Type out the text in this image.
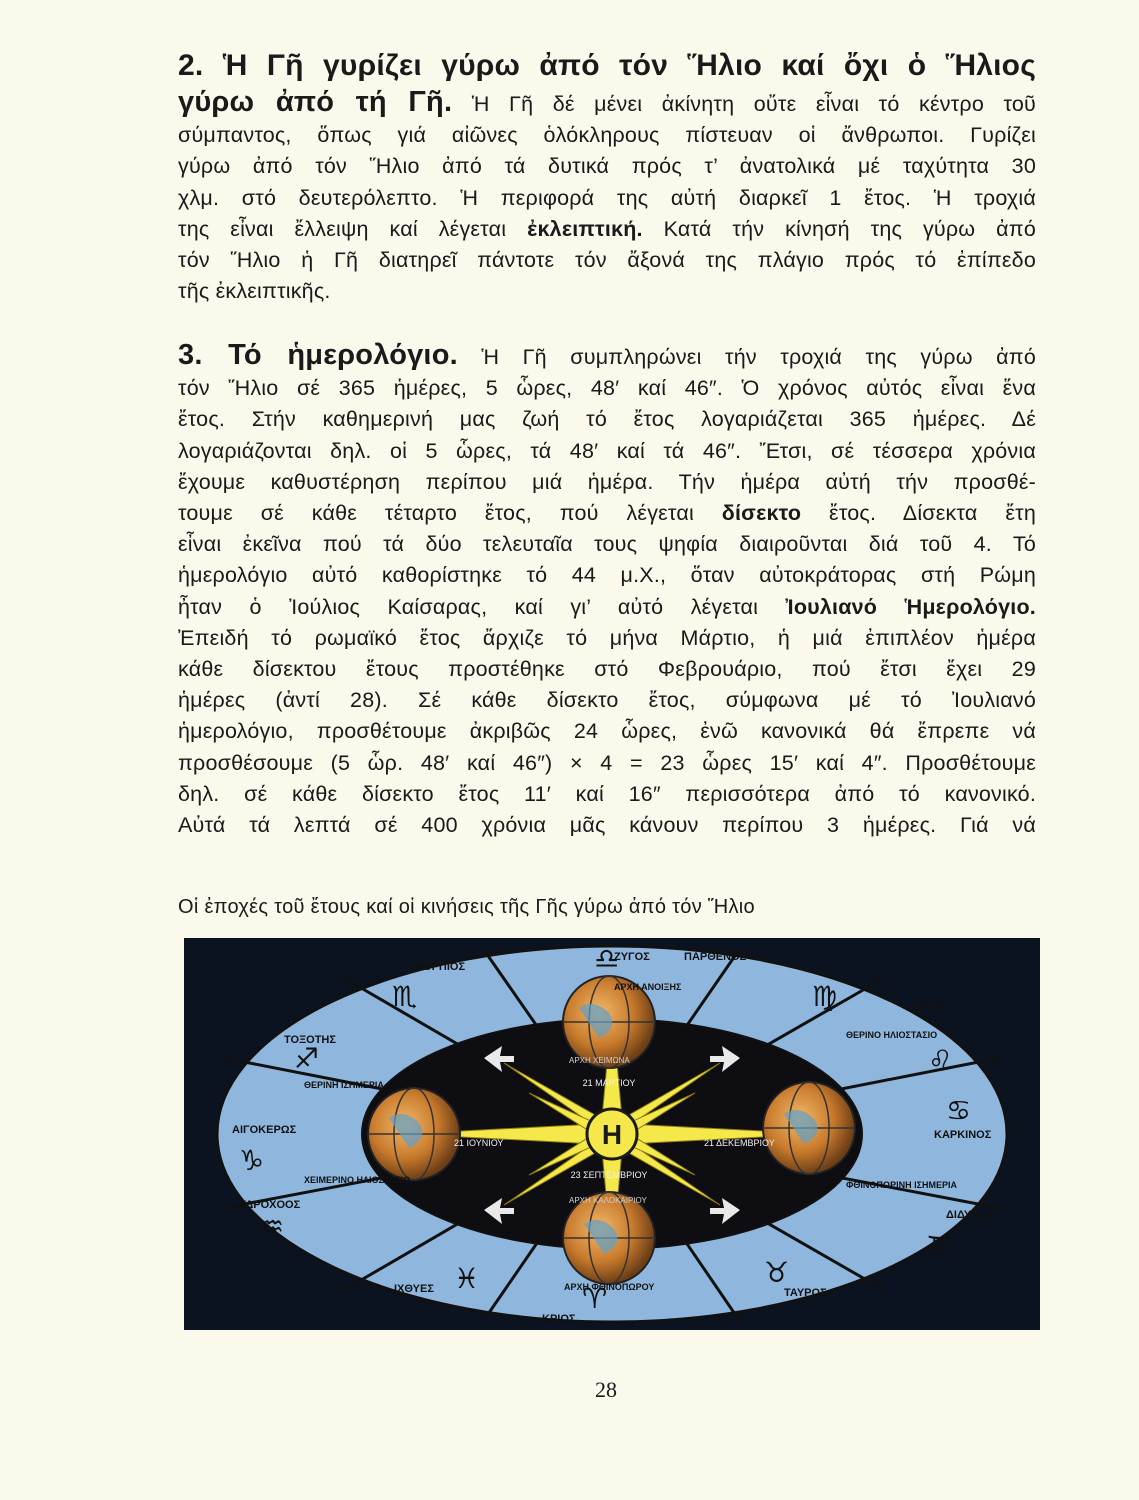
2. Ἡ Γῆ γυρίζει γύρω ἀπό τόν Ἥλιο καί ὄχι ὁ Ἥλιος
γύρω ἀπό τή Γῆ. Ἡ Γῆ δέ μένει ἀκίνητη οὔτε εἶναι τό κέντρο τοῦ
σύμπαντος, ὅπως γιά αἰῶνες ὁλόκληρους πίστευαν οἱ ἄνθρωποι. Γυρίζει
γύρω ἀπό τόν Ἥλιο ἀπό τά δυτικά πρός τ’ ἀνατολικά μέ ταχύτητα 30
χλμ. στό δευτερόλεπτο. Ἡ περιφορά της αὐτή διαρκεῖ 1 ἔτος. Ἡ τροχιά
της εἶναι ἔλλειψη καί λέγεται ἐκλειπτική. Κατά τήν κίνησή της γύρω ἀπό
τόν Ἥλιο ἡ Γῆ διατηρεῖ πάντοτε τόν ἄξονά της πλάγιο πρός τό ἐπίπεδο
τῆς ἐκλειπτικῆς.
3. Τό ἡμερολόγιο. Ἡ Γῆ συμπληρώνει τήν τροχιά της γύρω ἀπό
τόν Ἥλιο σέ 365 ἡμέρες, 5 ὧρες, 48′ καί 46″. Ὁ χρόνος αὐτός εἶναι ἕνα
ἔτος. Στήν καθημερινή μας ζωή τό ἔτος λογαριάζεται 365 ἡμέρες. Δέ
λογαριάζονται δηλ. οἱ 5 ὧρες, τά 48′ καί τά 46″. Ἔτσι, σέ τέσσερα χρόνια
ἔχουμε καθυστέρηση περίπου μιά ἡμέρα. Τήν ἡμέρα αὐτή τήν προσθέ-
τουμε σέ κάθε τέταρτο ἔτος, πού λέγεται δίσεκτο ἔτος. Δίσεκτα ἔτη
εἶναι ἐκεῖνα πού τά δύο τελευταῖα τους ψηφία διαιροῦνται διά τοῦ 4. Τό
ἡμερολόγιο αὐτό καθορίστηκε τό 44 μ.Χ., ὅταν αὐτοκράτορας στή Ρώμη
ἦταν ὁ Ἰούλιος Καίσαρας, καί γι’ αὐτό λέγεται Ἰουλιανό Ἡμερολόγιο.
Ἐπειδή τό ρωμαϊκό ἔτος ἄρχιζε τό μήνα Μάρτιο, ἡ μιά ἐπιπλέον ἡμέρα
κάθε δίσεκτου ἔτους προστέθηκε στό Φεβρουάριο, πού ἔτσι ἔχει 29
ἡμέρες (ἀντί 28). Σέ κάθε δίσεκτο ἔτος, σύμφωνα μέ τό Ἰουλιανό
ἡμερολόγιο, προσθέτουμε ἀκριβῶς 24 ὧρες, ἐνῶ κανονικά θά ἔπρεπε νά
προσθέσουμε (5 ὧρ. 48′ καί 46″) × 4 = 23 ὧρες 15′ καί 4″. Προσθέτουμε
δηλ. σέ κάθε δίσεκτο ἔτος 11′ καί 16″ περισσότερα ἀπό τό κανονικό.
Αὐτά τά λεπτά σέ 400 χρόνια μᾶς κάνουν περίπου 3 ἡμέρες. Γιά νά
Οἱ ἐποχές τοῦ ἔτους καί οἱ κινήσεις τῆς Γῆς γύρω ἀπό τόν Ἥλιο
Η
21 ΙΟΥΝΙΟΥ	21 ΔΕΚΕΜΒΡΙΟΥ
23 ΣΕΠΤΕΜΒΡΙΟΥ
21 ΜΑΡΤΙΟΥ
ΑΙΓΟΚΕΡΩΣ
ΤΟΞΟΤΗΣ
ΣΚΟΡΠΙΟΣ
ΖΥΓΟΣ	ΠΑΡΘΕΝΟΣ
ΛΕΩΝ
ΚΑΡΚΙΝΟΣ
ΔΙΔΥΜΟΙ
ΤΑΥΡΟΣ
ΚΡΙΟΣ
ΙΧΘΥΕΣ
ΥΔΡΟΧΟΟΣ
♑
♐
♏
♎
♍
♌
♋
♊
♉
♈
♓
♒
ΑΡΧΗ ΑΝΟΙΞΗΣ
ΘΕΡΙΝΟ ΗΛΙΟΣΤΑΣΙΟ
ΦΘΙΝΟΠΩΡΙΝΗ ΙΣΗΜΕΡΙΑ
ΑΡΧΗ ΦΘΙΝΟΠΩΡΟΥ
ΧΕΙΜΕΡΙΝΟ ΗΛΙΟΣΤΑΣΙΟ
ΘΕΡΙΝΗ ΙΣΗΜΕΡΙΑ
ΑΡΧΗ ΧΕΙΜΩΝΑ
ΑΡΧΗ ΚΑΛΟΚΑΙΡΙΟΥ
28
